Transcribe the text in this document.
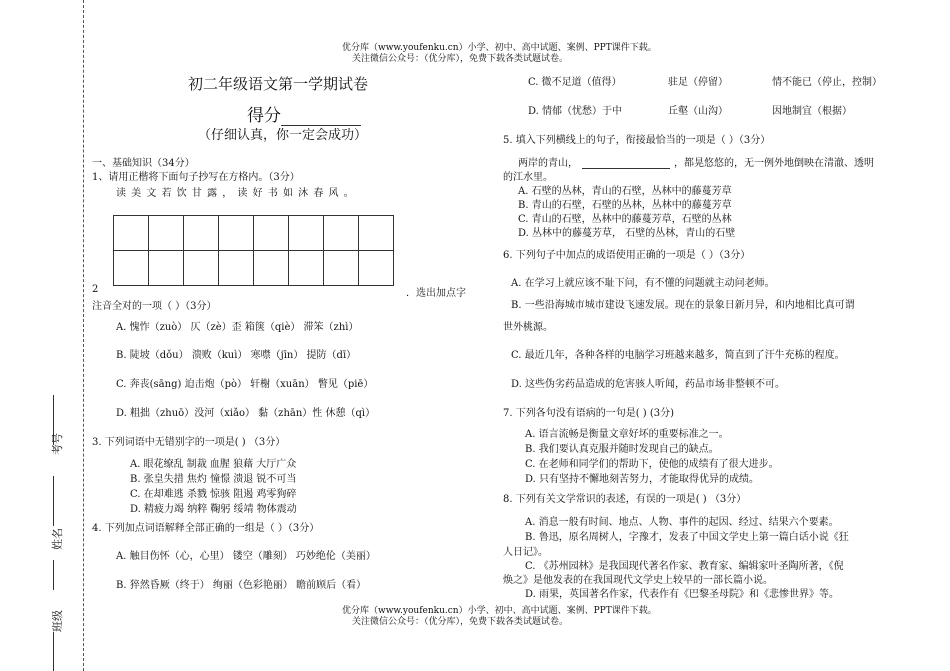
考号
姓名
班级
优分库（www.youfenku.cn）小学、初中、高中试题、案例、PPT课件下载。
关注微信公众号：（优分库），免费下载各类试题试卷。
初二年级语文第一学期试卷
得分
（仔细认真，你一定会成功）
一、基础知识（34分）
1、请用正楷将下面句子抄写在方格内。（3分）
读 美 文 若 饮 甘 露 ， 读 好 书 如 沐 春 风 。

2	．选出加点字
注音全对的一项（ ）（3分）
A. 愧怍（zuò） 仄（zè）歪 箱箧（qiè） 滞笨（zhì）
B. 陡坡（dǒu） 溃败（kuì） 寒噤（jīn） 提防（dī）
C. 奔丧(sāng) 迫击炮（pò） 轩榭（xuān） 瞥见（piē）
D. 粗拙（zhuō）没河（xiǎo） 黏（zhān）性 休憩（qì）
3. 下列词语中无错别字的一项是( ) （3分）
A. 眼花缭乱 制裁 血腥 狼藉 大厅广众
B. 张皇失措 焦灼 憧憬 溃退 锐不可当
C. 在却难逃 杀戮 惊骇 阻遏 鸡零狗碎
D. 精疲力竭 纳粹 鞠躬 绥靖 物体震动
4. 下列加点词语解释全部正确的一组是（ ）（3分）
A. 触目伤怀（心，心里） 镂空（雕刻） 巧妙绝伦（美丽）
B. 猝然昏厥（终于） 绚丽（色彩艳丽） 瞻前顾后（看）
C. 微不足道（值得）	驻足（停留）	情不能已（停止，控制）
D. 情郁（忧愁）于中	丘壑（山沟）	因地制宜（根据）
5. 填入下列横线上的句子，衔接最恰当的一项是（ ）（3分）
两岸的青山，	，都晃悠悠的，无一例外地倒映在清澈、透明
的江水里。
A. 石壁的丛林，青山的石壁，丛林中的藤蔓芳草
B. 青山的石壁，石壁的丛林，丛林中的藤蔓芳草
C. 青山的石壁，丛林中的藤蔓芳草，石壁的丛林
D. 丛林中的藤蔓芳草， 石壁的丛林，青山的石壁
6. 下列句子中加点的成语使用正确的一项是（ ）（3分）
A. 在学习上就应该不耻下问，有不懂的问题就主动问老师。
B. 一些沿海城市城市建设飞速发展。现在的景象日新月异，和内地相比真可谓
世外桃源。
C. 最近几年，各种各样的电脑学习班越来越多，简直到了汗牛充栋的程度。
D. 这些伪劣药品造成的危害骇人听闻，药品市场非整顿不可。
7. 下列各句没有语病的一句是( ) (3分)
A. 语言流畅是衡量文章好坏的重要标准之一。
B. 我们要认真克服并随时发现自己的缺点。
C. 在老师和同学们的帮助下，使他的成绩有了很大进步。
D. 只有坚持不懈地刻苦努力，才能取得优异的成绩。
8. 下列有关文学常识的表述，有误的一项是( ) （3分）
A. 消息一般有时间、地点、人物、事件的起因、经过、结果六个要素。
B. 鲁迅，原名周树人，字豫才，发表了中国文学史上第一篇白话小说《狂
人日记》。
C. 《苏州园林》是我国现代著名作家、教育家、编辑家叶圣陶所著，《倪
焕之》是他发表的在我国现代文学史上较早的一部长篇小说。
D. 雨果，英国著名作家，代表作有《巴黎圣母院》和《悲惨世界》等。
优分库（www.youfenku.cn）小学、初中、高中试题、案例、PPT课件下载。
关注微信公众号：（优分库），免费下载各类试题试卷。
